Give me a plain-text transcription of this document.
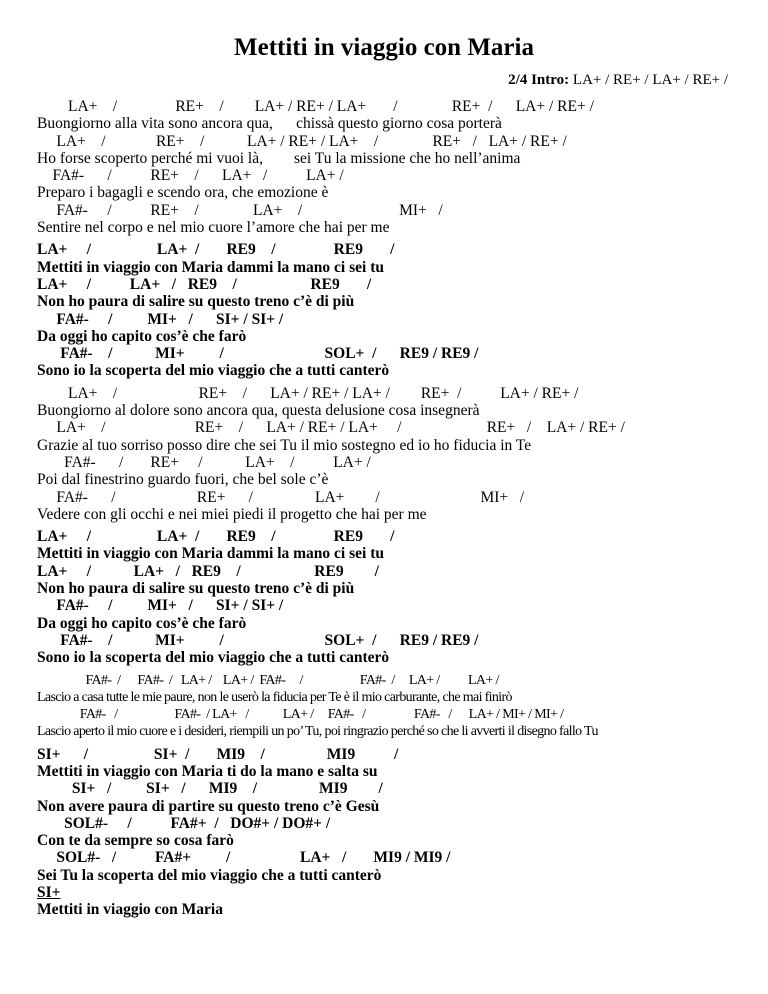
Mettiti in viaggio con Maria
2/4 Intro: LA+ / RE+ / LA+ / RE+ /
LA+    /               RE+    /        LA+ / RE+ / LA+       /              RE+  /      LA+ / RE+ /
Buongiorno alla vita sono ancora qua,      chissà questo giorno cosa porterà
LA+    /             RE+    /           LA+ / RE+ / LA+    /              RE+   /   LA+ / RE+ /
Ho forse scoperto perché mi vuoi là,        sei Tu la missione che ho nell’anima
FA#-      /          RE+    /      LA+   /          LA+ /
Preparo i bagagli e scendo ora, che emozione è
FA#-     /          RE+    /              LA+    /                         MI+   /
Sentire nel corpo e nel mio cuore l’amore che hai per me
LA+     /                 LA+  /       RE9    /               RE9       /
Mettiti in viaggio con Maria dammi la mano ci sei tu
LA+     /          LA+   /   RE9    /                   RE9       /
Non ho paura di salire su questo treno c’è di più
FA#-     /         MI+   /      SI+ / SI+ /
Da oggi ho capito cos’è che farò
FA#-    /           MI+         /                          SOL+  /      RE9 / RE9 /
Sono io la scoperta del mio viaggio che a tutti canterò
LA+    /                     RE+    /      LA+ / RE+ / LA+ /        RE+  /          LA+ / RE+ /
Buongiorno al dolore sono ancora qua, questa delusione cosa insegnerà
LA+    /                       RE+    /      LA+ / RE+ / LA+     /                      RE+   /    LA+ / RE+ /
Grazie al tuo sorriso posso dire che sei Tu il mio sostegno ed io ho fiducia in Te
FA#-      /       RE+     /           LA+    /          LA+ /
Poi dal finestrino guardo fuori, che bel sole c’è
FA#-      /                     RE+      /                LA+        /                          MI+   /
Vedere con gli occhi e nei miei piedi il progetto che hai per me
LA+     /                 LA+  /       RE9    /               RE9       /
Mettiti in viaggio con Maria dammi la mano ci sei tu
LA+     /           LA+   /   RE9    /                   RE9        /
Non ho paura di salire su questo treno c’è di più
FA#-     /         MI+   /      SI+ / SI+ /
Da oggi ho capito cos’è che farò
FA#-    /           MI+         /                          SOL+  /      RE9 / RE9 /
Sono io la scoperta del mio viaggio che a tutti canterò
FA#-  /      FA#-  /   LA+ /    LA+ /  FA#-     /                    FA#-  /     LA+ /          LA+ /
Lascio a casa tutte le mie paure, non le userò la fiducia per Te è il mio carburante, che mai finirò
FA#-   /                    FA#-  / LA+   /            LA+ /     FA#-   /                 FA#-   /      LA+ / MI+ / MI+ /
Lascio aperto il mio cuore e i desideri, riempili un po’ Tu, poi ringrazio perché so che li avverti il disegno fallo Tu
SI+      /                 SI+  /       MI9    /                MI9          /
Mettiti in viaggio con Maria ti do la mano e salta su
SI+   /         SI+   /      MI9    /                MI9        /
Non avere paura di partire su questo treno c’è Gesù
SOL#-     /          FA#+  /   DO#+ / DO#+ /
Con te da sempre so cosa farò
SOL#-   /          FA#+         /                  LA+   /       MI9 / MI9 /
Sei Tu la scoperta del mio viaggio che a tutti canterò
SI+
Mettiti in viaggio con Maria
